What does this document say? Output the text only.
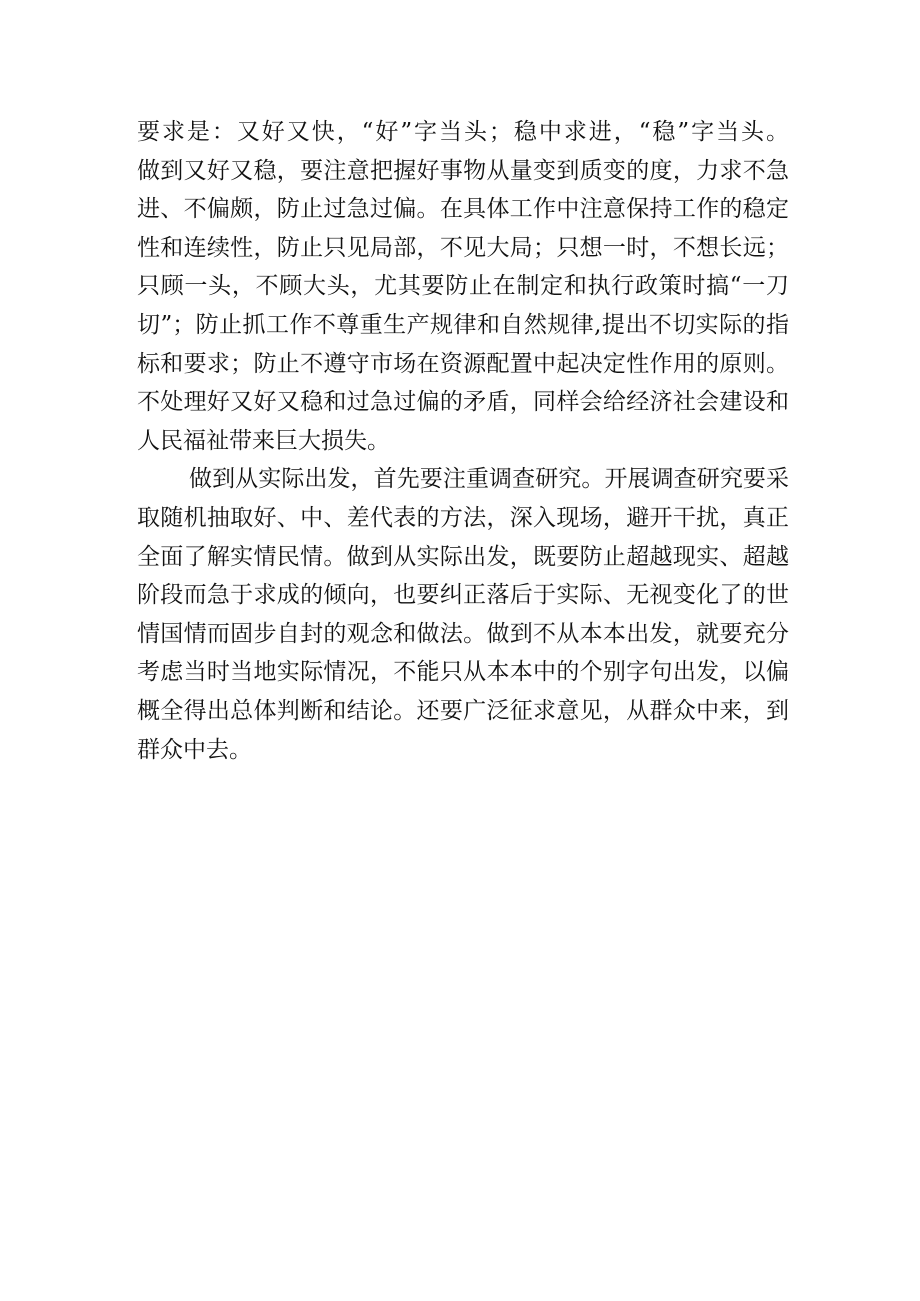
要求是：又好又快，“好”字当头；稳中求进，“稳”字当头。
做到又好又稳，要注意把握好事物从量变到质变的度，力求不急
进、不偏颇，防止过急过偏。在具体工作中注意保持工作的稳定
性和连续性，防止只见局部，不见大局；只想一时，不想长远；
只顾一头，不顾大头，尤其要防止在制定和执行政策时搞“一刀
切”；防止抓工作不尊重生产规律和自然规律,提出不切实际的指
标和要求；防止不遵守市场在资源配置中起决定性作用的原则。
不处理好又好又稳和过急过偏的矛盾，同样会给经济社会建设和
人民福祉带来巨大损失。
做到从实际出发，首先要注重调查研究。开展调查研究要采
取随机抽取好、中、差代表的方法，深入现场，避开干扰，真正
全面了解实情民情。做到从实际出发，既要防止超越现实、超越
阶段而急于求成的倾向，也要纠正落后于实际、无视变化了的世
情国情而固步自封的观念和做法。做到不从本本出发，就要充分
考虑当时当地实际情况，不能只从本本中的个别字句出发，以偏
概全得出总体判断和结论。还要广泛征求意见，从群众中来，到
群众中去。
